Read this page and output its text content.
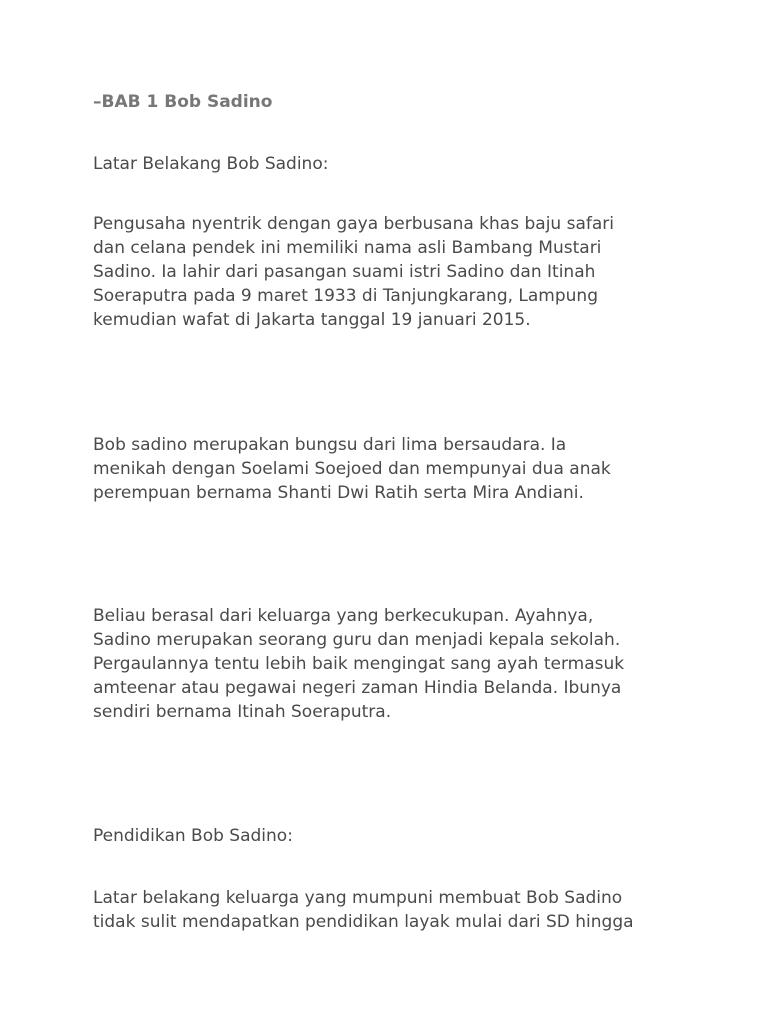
–BAB 1 Bob Sadino

Latar Belakang Bob Sadino:

Pengusaha nyentrik dengan gaya berbusana khas baju safari
dan celana pendek ini memiliki nama asli Bambang Mustari
Sadino. Ia lahir dari pasangan suami istri Sadino dan Itinah
Soeraputra pada 9 maret 1933 di Tanjungkarang, Lampung
kemudian wafat di Jakarta tanggal 19 januari 2015.

Bob sadino merupakan bungsu dari lima bersaudara. Ia
menikah dengan Soelami Soejoed dan mempunyai dua anak
perempuan bernama Shanti Dwi Ratih serta Mira Andiani.

Beliau berasal dari keluarga yang berkecukupan. Ayahnya,
Sadino merupakan seorang guru dan menjadi kepala sekolah.
Pergaulannya tentu lebih baik mengingat sang ayah termasuk
amteenar atau pegawai negeri zaman Hindia Belanda. Ibunya
sendiri bernama Itinah Soeraputra.

Pendidikan Bob Sadino:

Latar belakang keluarga yang mumpuni membuat Bob Sadino
tidak sulit mendapatkan pendidikan layak mulai dari SD hingga
